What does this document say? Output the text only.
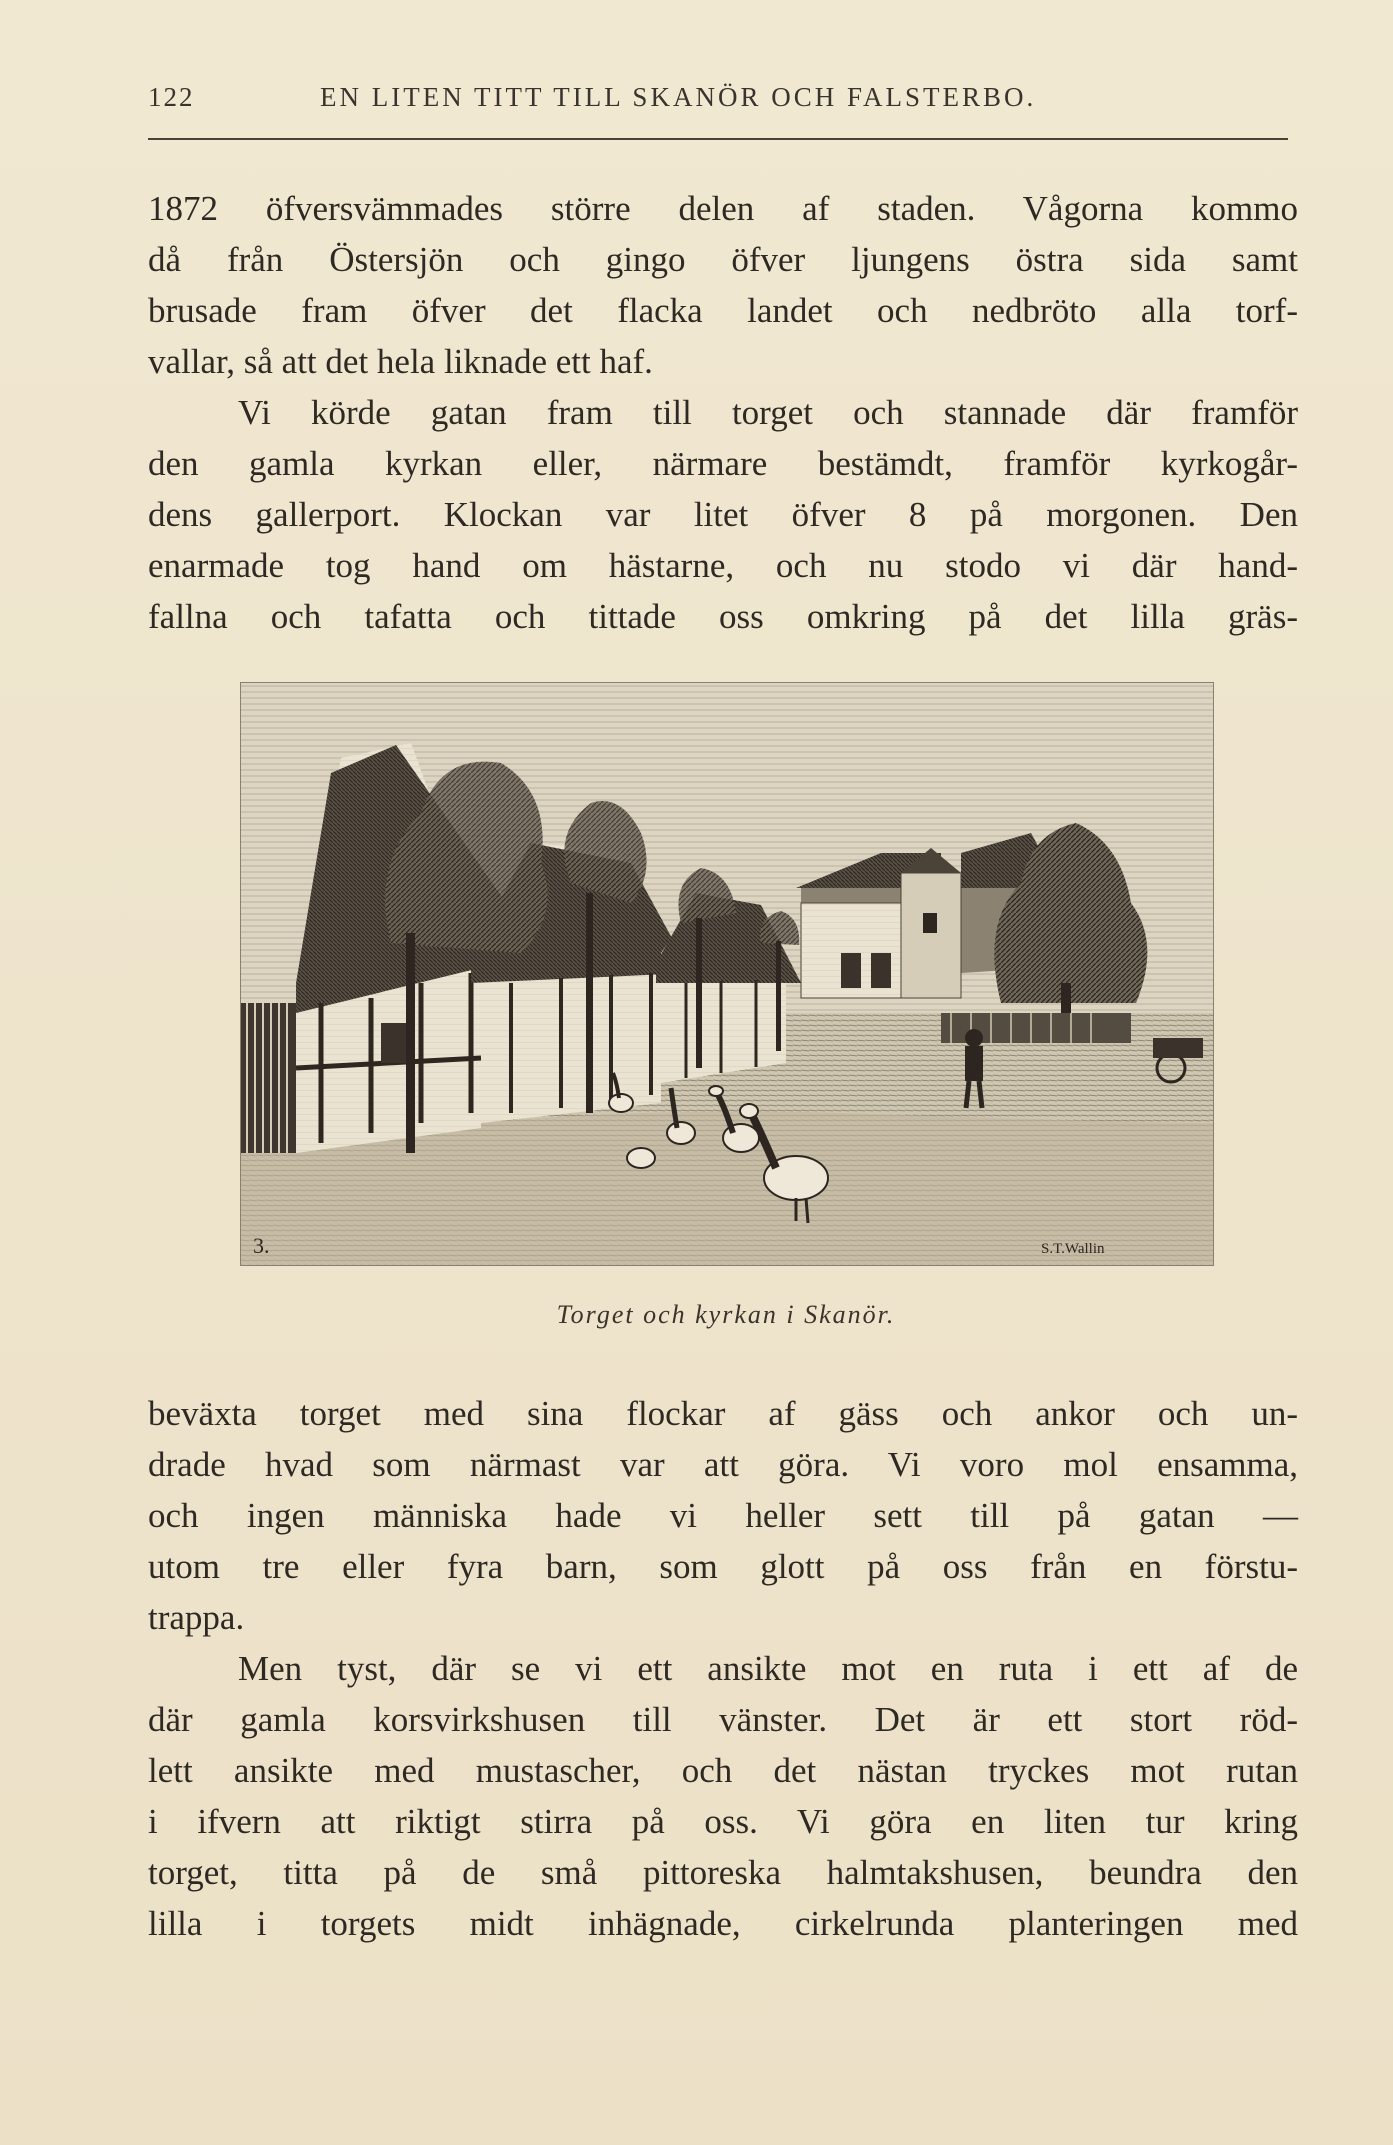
122	EN LITEN TITT TILL SKANÖR OCH FALSTERBO.
1872 öfversvämmades större delen af staden. Vågorna kommo
då från Östersjön och gingo öfver ljungens östra sida samt
brusade fram öfver det flacka landet och nedbröto alla torf-
vallar, så att det hela liknade ett haf.
Vi körde gatan fram till torget och stannade där framför
den gamla kyrkan eller, närmare bestämdt, framför kyrkogår-
dens gallerport. Klockan var litet öfver 8 på morgonen. Den
enarmade tog hand om hästarne, och nu stodo vi där hand-
fallna och tafatta och tittade oss omkring på det lilla gräs-
3.	S.T.Wallin
Torget och kyrkan i Skanör.
beväxta torget med sina flockar af gäss och ankor och un-
drade hvad som närmast var att göra. Vi voro mol ensamma,
och ingen människa hade vi heller sett till på gatan —
utom tre eller fyra barn, som glott på oss från en förstu-
trappa.
Men tyst, där se vi ett ansikte mot en ruta i ett af de
där gamla korsvirkshusen till vänster. Det är ett stort röd-
lett ansikte med mustascher, och det nästan tryckes mot rutan
i ifvern att riktigt stirra på oss. Vi göra en liten tur kring
torget, titta på de små pittoreska halmtakshusen, beundra den
lilla i torgets midt inhägnade, cirkelrunda planteringen med
